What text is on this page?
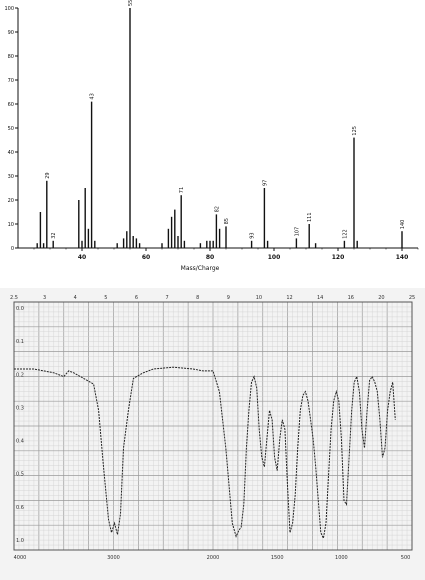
0
10
20
30
40
50
60
70
80
90
100
40	60	80	100	120	140
29
32
43
55
71
82
85
93
97
107
111
122
125
140
Mass/Charge
2.5	3	4	5	6	7	8	9	10	12	14	16	20	25
0.0
0.1
0.2
0.3
0.4
0.5
0.6
1.0
4000	3000	2000	1500	1000	500
